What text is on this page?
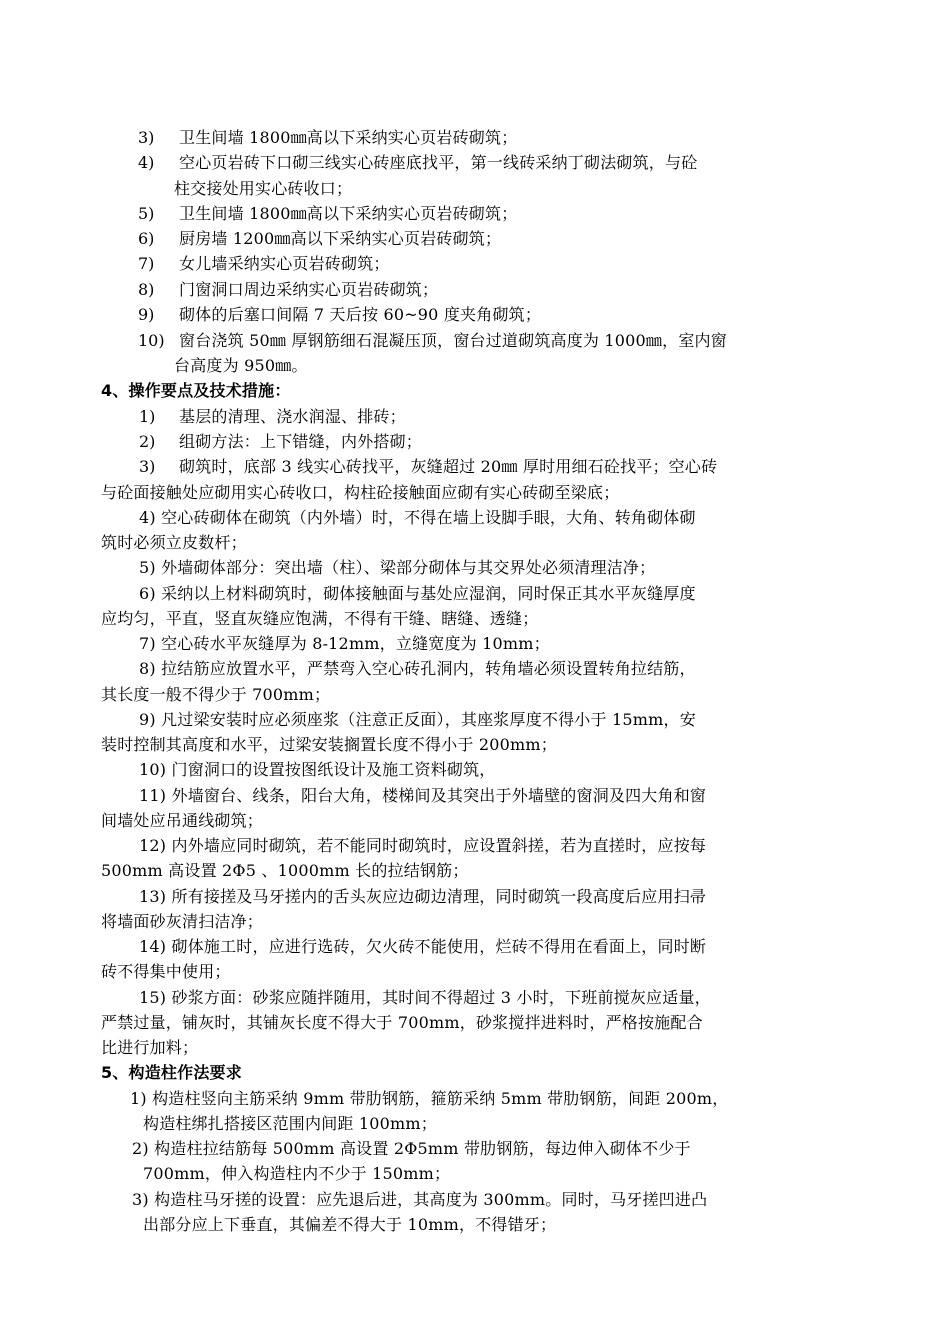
3) 卫生间墙 1800㎜高以下采纳实心页岩砖砌筑；
4) 空心页岩砖下口砌三线实心砖座底找平，第一线砖采纳丁砌法砌筑，与砼
柱交接处用实心砖收口；
5) 卫生间墙 1800㎜高以下采纳实心页岩砖砌筑；
6) 厨房墙 1200㎜高以下采纳实心页岩砖砌筑；
7) 女儿墙采纳实心页岩砖砌筑；
8) 门窗洞口周边采纳实心页岩砖砌筑；
9) 砌体的后塞口间隔 7 天后按 60~90 度夹角砌筑；
10) 窗台浇筑 50㎜ 厚钢筋细石混凝压顶，窗台过道砌筑高度为 1000㎜，室内窗
台高度为 950㎜。
4、操作要点及技术措施：
1) 基层的清理、浇水润湿、排砖；
2) 组砌方法：上下错缝，内外搭砌；
3) 砌筑时，底部 3 线实心砖找平，灰缝超过 20㎜ 厚时用细石砼找平；空心砖
与砼面接触处应砌用实心砖收口，构柱砼接触面应砌有实心砖砌至梁底；
4) 空心砖砌体在砌筑（内外墙）时，不得在墙上设脚手眼，大角、转角砌体砌
筑时必须立皮数杆；
5) 外墙砌体部分：突出墙（柱）、梁部分砌体与其交界处必须清理洁净；
6) 采纳以上材料砌筑时，砌体接触面与基处应湿润，同时保正其水平灰缝厚度
应均匀，平直，竖直灰缝应饱满，不得有干缝、瞎缝、透缝；
7) 空心砖水平灰缝厚为 8-12mm，立缝宽度为 10mm；
8) 拉结筋应放置水平，严禁弯入空心砖孔洞内，转角墙必须设置转角拉结筋，
其长度一般不得少于 700mm；
9) 凡过梁安装时应必须座浆（注意正反面），其座浆厚度不得小于 15mm，安
装时控制其高度和水平，过梁安装搁置长度不得小于 200mm；
10) 门窗洞口的设置按图纸设计及施工资料砌筑，
11) 外墙窗台、线条，阳台大角，楼梯间及其突出于外墙壁的窗洞及四大角和窗
间墙处应吊通线砌筑；
12) 内外墙应同时砌筑，若不能同时砌筑时，应设置斜搓，若为直搓时，应按每
500mm 高设置 2Φ5 、1000mm 长的拉结钢筋；
13) 所有接搓及马牙搓内的舌头灰应边砌边清理，同时砌筑一段高度后应用扫帚
将墙面砂灰清扫洁净；
14) 砌体施工时，应进行选砖，欠火砖不能使用，烂砖不得用在看面上，同时断
砖不得集中使用；
15) 砂浆方面：砂浆应随拌随用，其时间不得超过 3 小时，下班前搅灰应适量，
严禁过量，铺灰时，其铺灰长度不得大于 700mm，砂浆搅拌进料时，严格按施配合
比进行加料；
5、构造柱作法要求
1) 构造柱竖向主筋采纳 9mm 带肋钢筋，箍筋采纳 5mm 带肋钢筋，间距 200m，
构造柱绑扎搭接区范围内间距 100mm；
2) 构造柱拉结筋每 500mm 高设置 2Φ5mm 带肋钢筋，每边伸入砌体不少于
700mm，伸入构造柱内不少于 150mm；
3) 构造柱马牙搓的设置：应先退后进，其高度为 300mm。同时，马牙搓凹进凸
出部分应上下垂直，其偏差不得大于 10mm，不得错牙；
